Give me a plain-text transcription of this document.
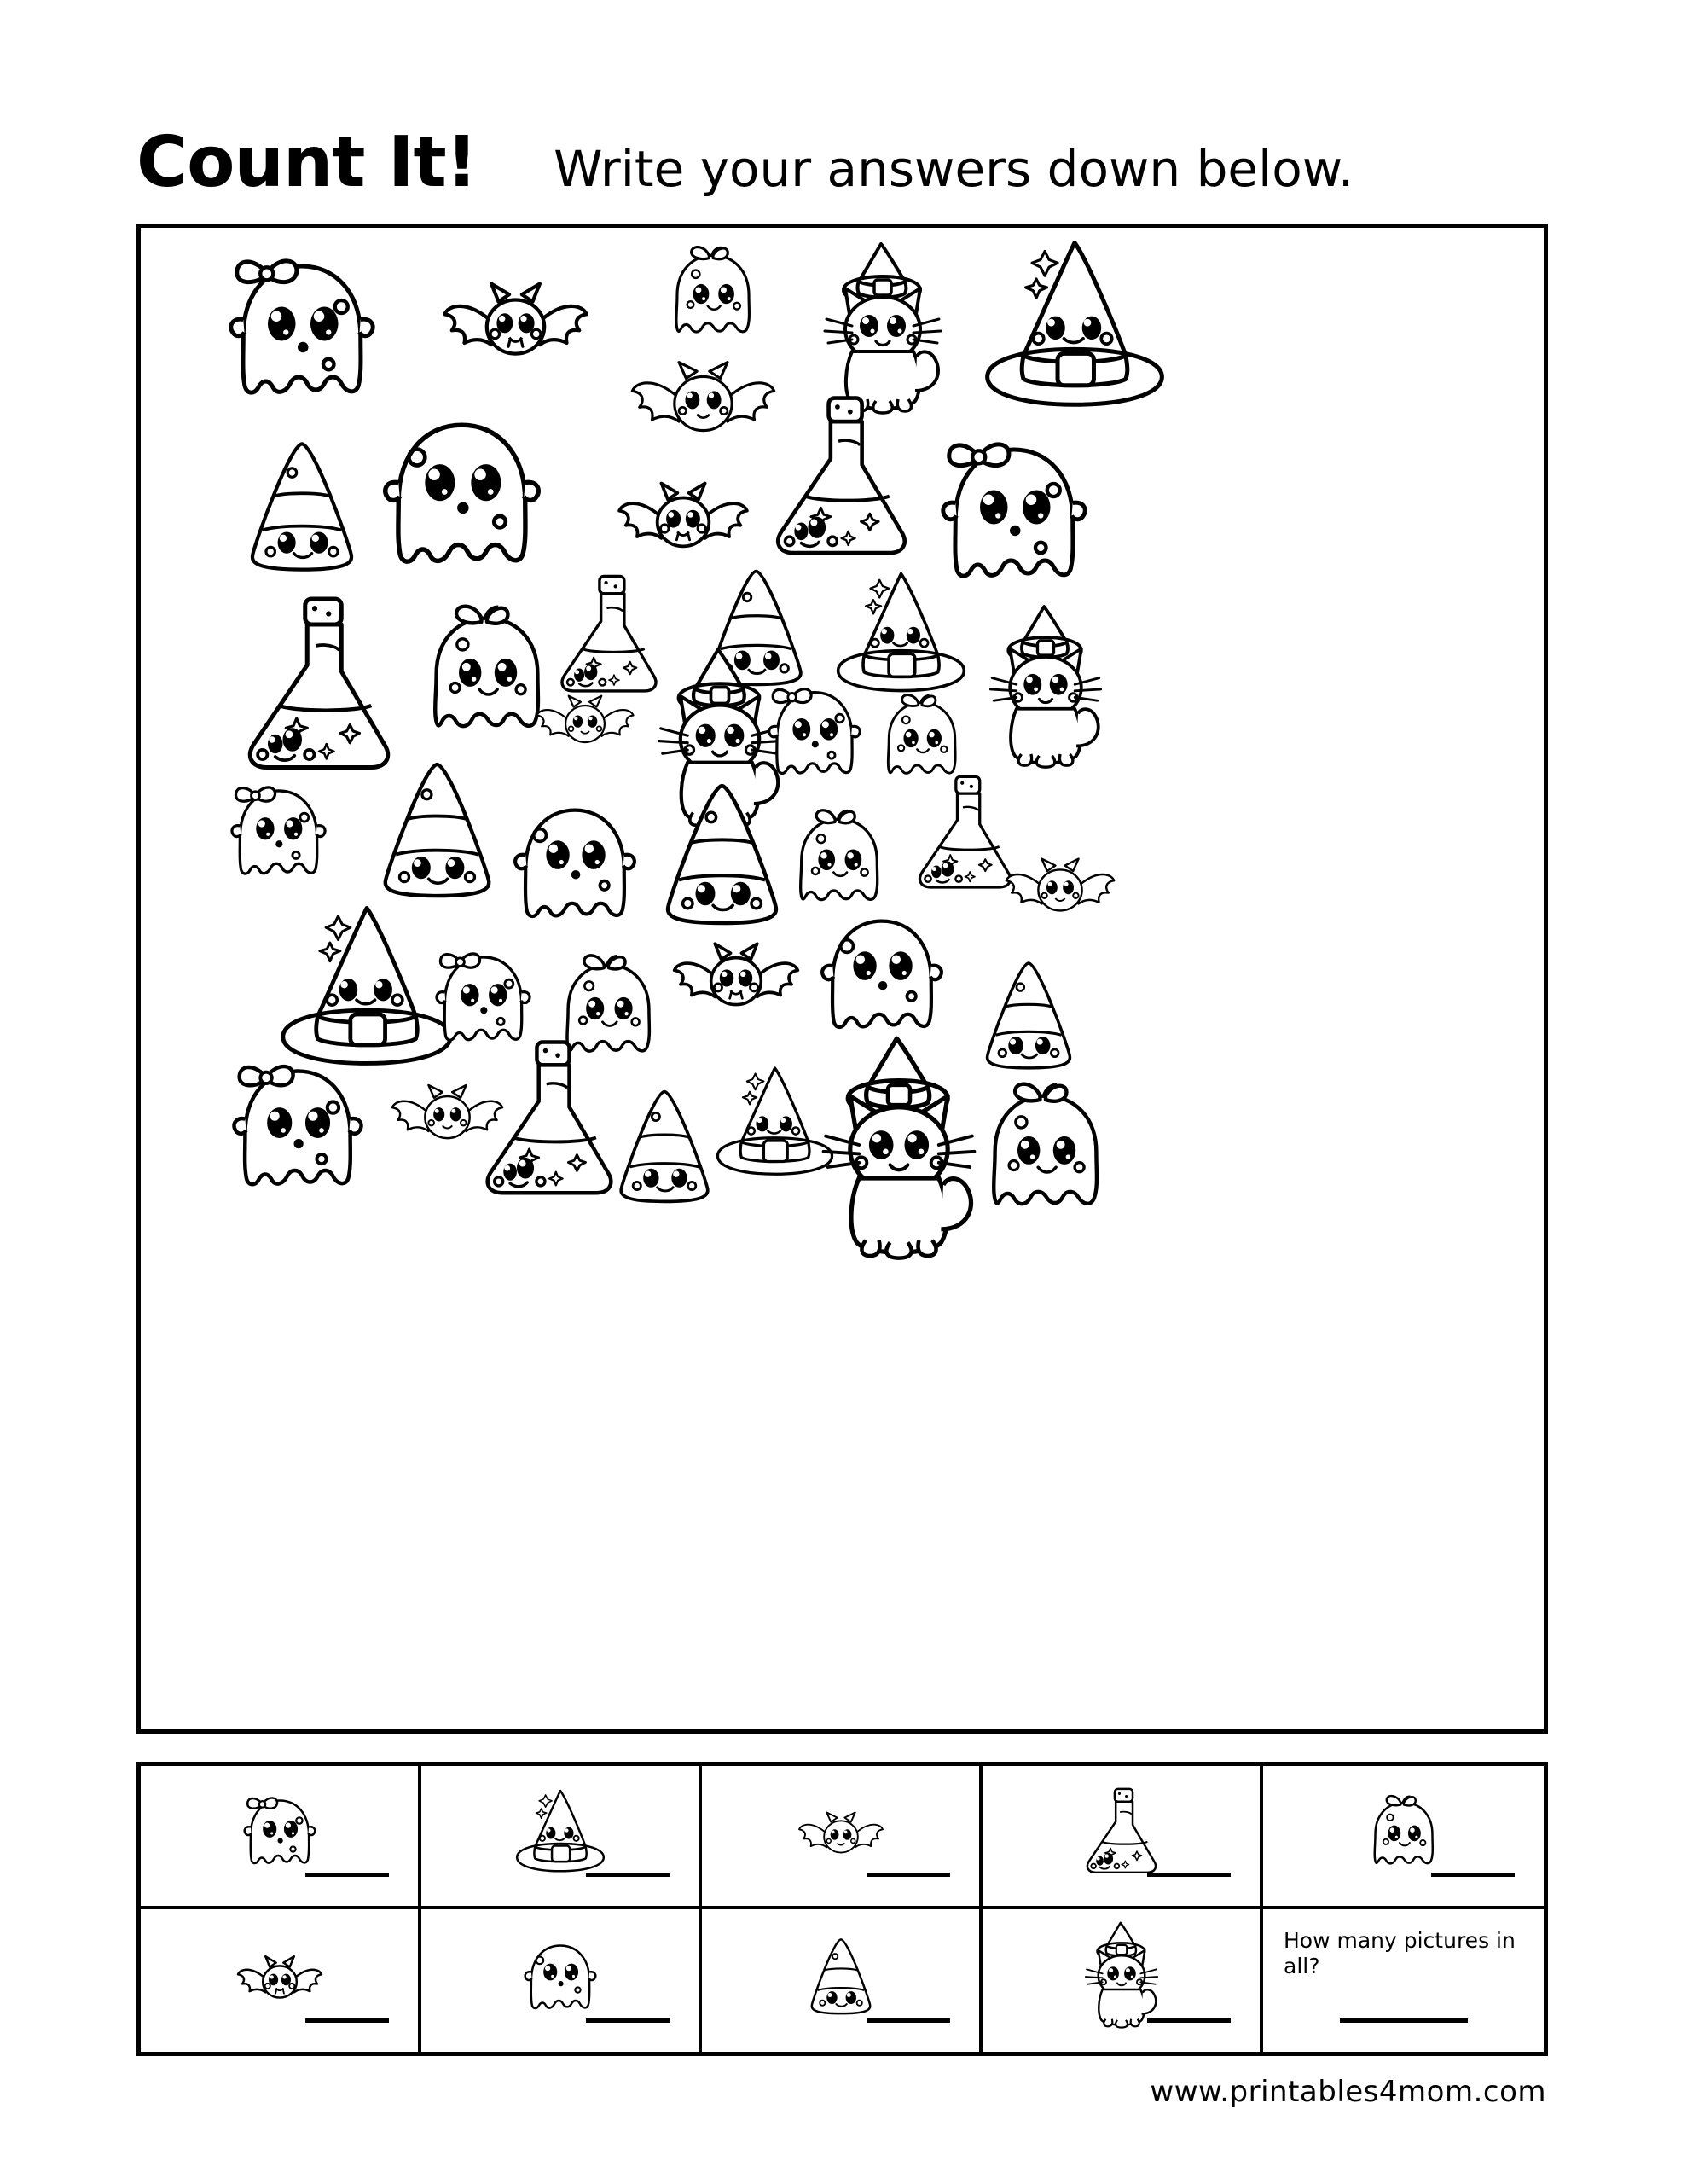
Count It! Write your answers down below.
How many pictures in all?
www.printables4mom.com
